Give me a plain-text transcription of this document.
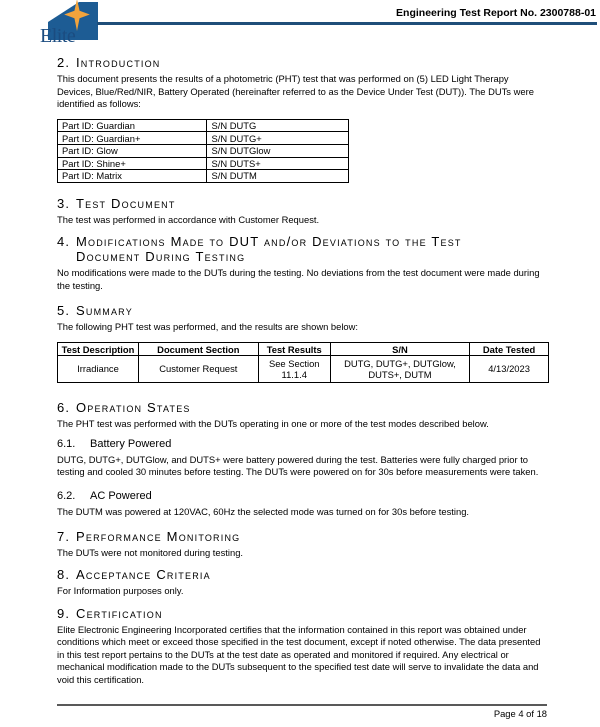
Elite
Engineering Test Report No. 2300788-01
2. Introduction
This document presents the results of a photometric (PHT) test that was performed on (5) LED Light Therapy Devices, Blue/Red/NIR, Battery Operated (hereinafter referred to as the Device Under Test (DUT)). The DUTs were identified as follows:
Part ID: Guardian	S/N DUTG
Part ID: Guardian+	S/N DUTG+
Part ID: Glow	S/N DUTGlow
Part ID: Shine+	S/N DUTS+
Part ID: Matrix	S/N DUTM
3. Test Document
The test was performed in accordance with Customer Request.
4. Modifications Made to DUT and/or Deviations to the Test Document During Testing
No modifications were made to the DUTs during the testing. No deviations from the test document were made during the testing.
5. Summary
The following PHT test was performed, and the results are shown below:
Test Description	Document Section	Test Results	S/N	Date Tested
Irradiance	Customer Request	See Section 11.1.4	DUTG, DUTG+, DUTGlow, DUTS+, DUTM	4/13/2023
6. Operation States
The PHT test was performed with the DUTs operating in one or more of the test modes described below.
6.1.	Battery Powered
DUTG, DUTG+, DUTGlow, and DUTS+ were battery powered during the test. Batteries were fully charged prior to testing and cooled 30 minutes before testing. The DUTs were powered on for 30s before measurements were taken.
6.2.	AC Powered
The DUTM was powered at 120VAC, 60Hz the selected mode was turned on for 30s before testing.
7. Performance Monitoring
The DUTs were not monitored during testing.
8. Acceptance Criteria
For Information purposes only.
9. Certification
Elite Electronic Engineering Incorporated certifies that the information contained in this report was obtained under conditions which meet or exceed those specified in the test document, except if noted otherwise. The data presented in this test report pertains to the DUTs at the test date as operated and monitored if required. Any electrical or mechanical modification made to the DUTs subsequent to the specified test date will serve to invalidate the data and void this certification.
Page 4 of 18
